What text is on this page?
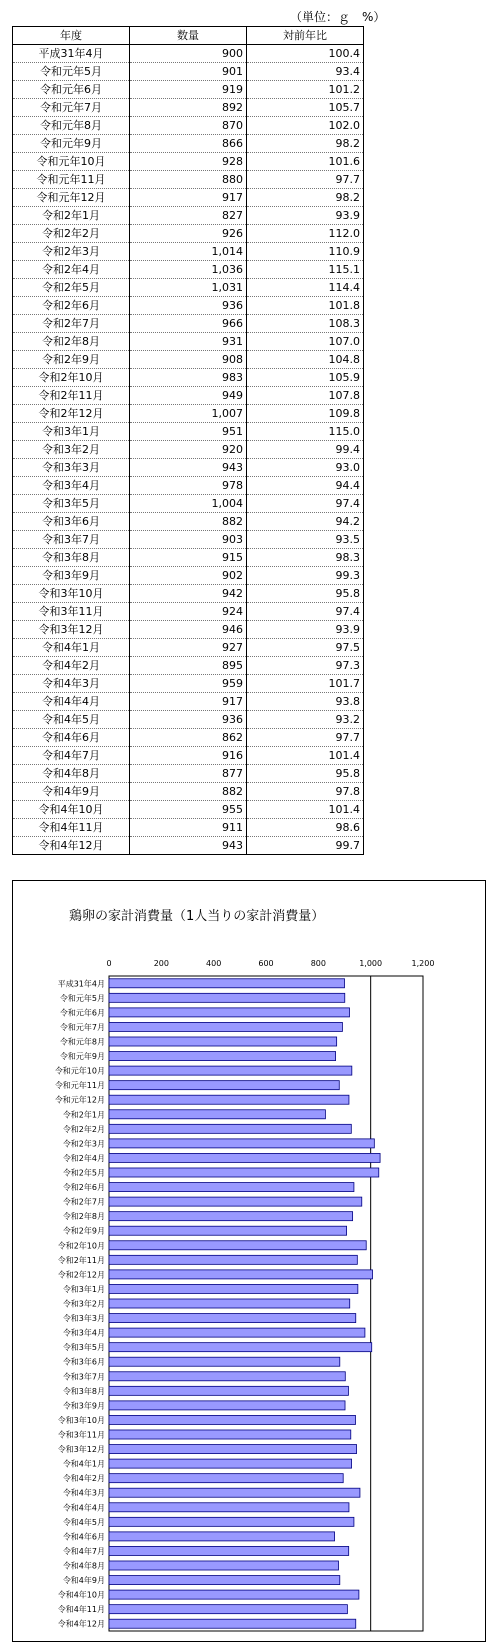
（単位：ｇ　%）
年度	数量	対前年比
平成31年4月	900	100.4
令和元年5月	901	93.4
令和元年6月	919	101.2
令和元年7月	892	105.7
令和元年8月	870	102.0
令和元年9月	866	98.2
令和元年10月	928	101.6
令和元年11月	880	97.7
令和元年12月	917	98.2
令和2年1月	827	93.9
令和2年2月	926	112.0
令和2年3月	1,014	110.9
令和2年4月	1,036	115.1
令和2年5月	1,031	114.4
令和2年6月	936	101.8
令和2年7月	966	108.3
令和2年8月	931	107.0
令和2年9月	908	104.8
令和2年10月	983	105.9
令和2年11月	949	107.8
令和2年12月	1,007	109.8
令和3年1月	951	115.0
令和3年2月	920	99.4
令和3年3月	943	93.0
令和3年4月	978	94.4
令和3年5月	1,004	97.4
令和3年6月	882	94.2
令和3年7月	903	93.5
令和3年8月	915	98.3
令和3年9月	902	99.3
令和3年10月	942	95.8
令和3年11月	924	97.4
令和3年12月	946	93.9
令和4年1月	927	97.5
令和4年2月	895	97.3
令和4年3月	959	101.7
令和4年4月	917	93.8
令和4年5月	936	93.2
令和4年6月	862	97.7
令和4年7月	916	101.4
令和4年8月	877	95.8
令和4年9月	882	97.8
令和4年10月	955	101.4
令和4年11月	911	98.6
令和4年12月	943	99.7
鶏卵の家計消費量（1人当りの家計消費量）
0	200	400	600	800	1,000	1,200
平成31年4月
令和元年5月
令和元年6月
令和元年7月
令和元年8月
令和元年9月
令和元年10月
令和元年11月
令和元年12月
令和2年1月
令和2年2月
令和2年3月
令和2年4月
令和2年5月
令和2年6月
令和2年7月
令和2年8月
令和2年9月
令和2年10月
令和2年11月
令和2年12月
令和3年1月
令和3年2月
令和3年3月
令和3年4月
令和3年5月
令和3年6月
令和3年7月
令和3年8月
令和3年9月
令和3年10月
令和3年11月
令和3年12月
令和4年1月
令和4年2月
令和4年3月
令和4年4月
令和4年5月
令和4年6月
令和4年7月
令和4年8月
令和4年9月
令和4年10月
令和4年11月
令和4年12月
